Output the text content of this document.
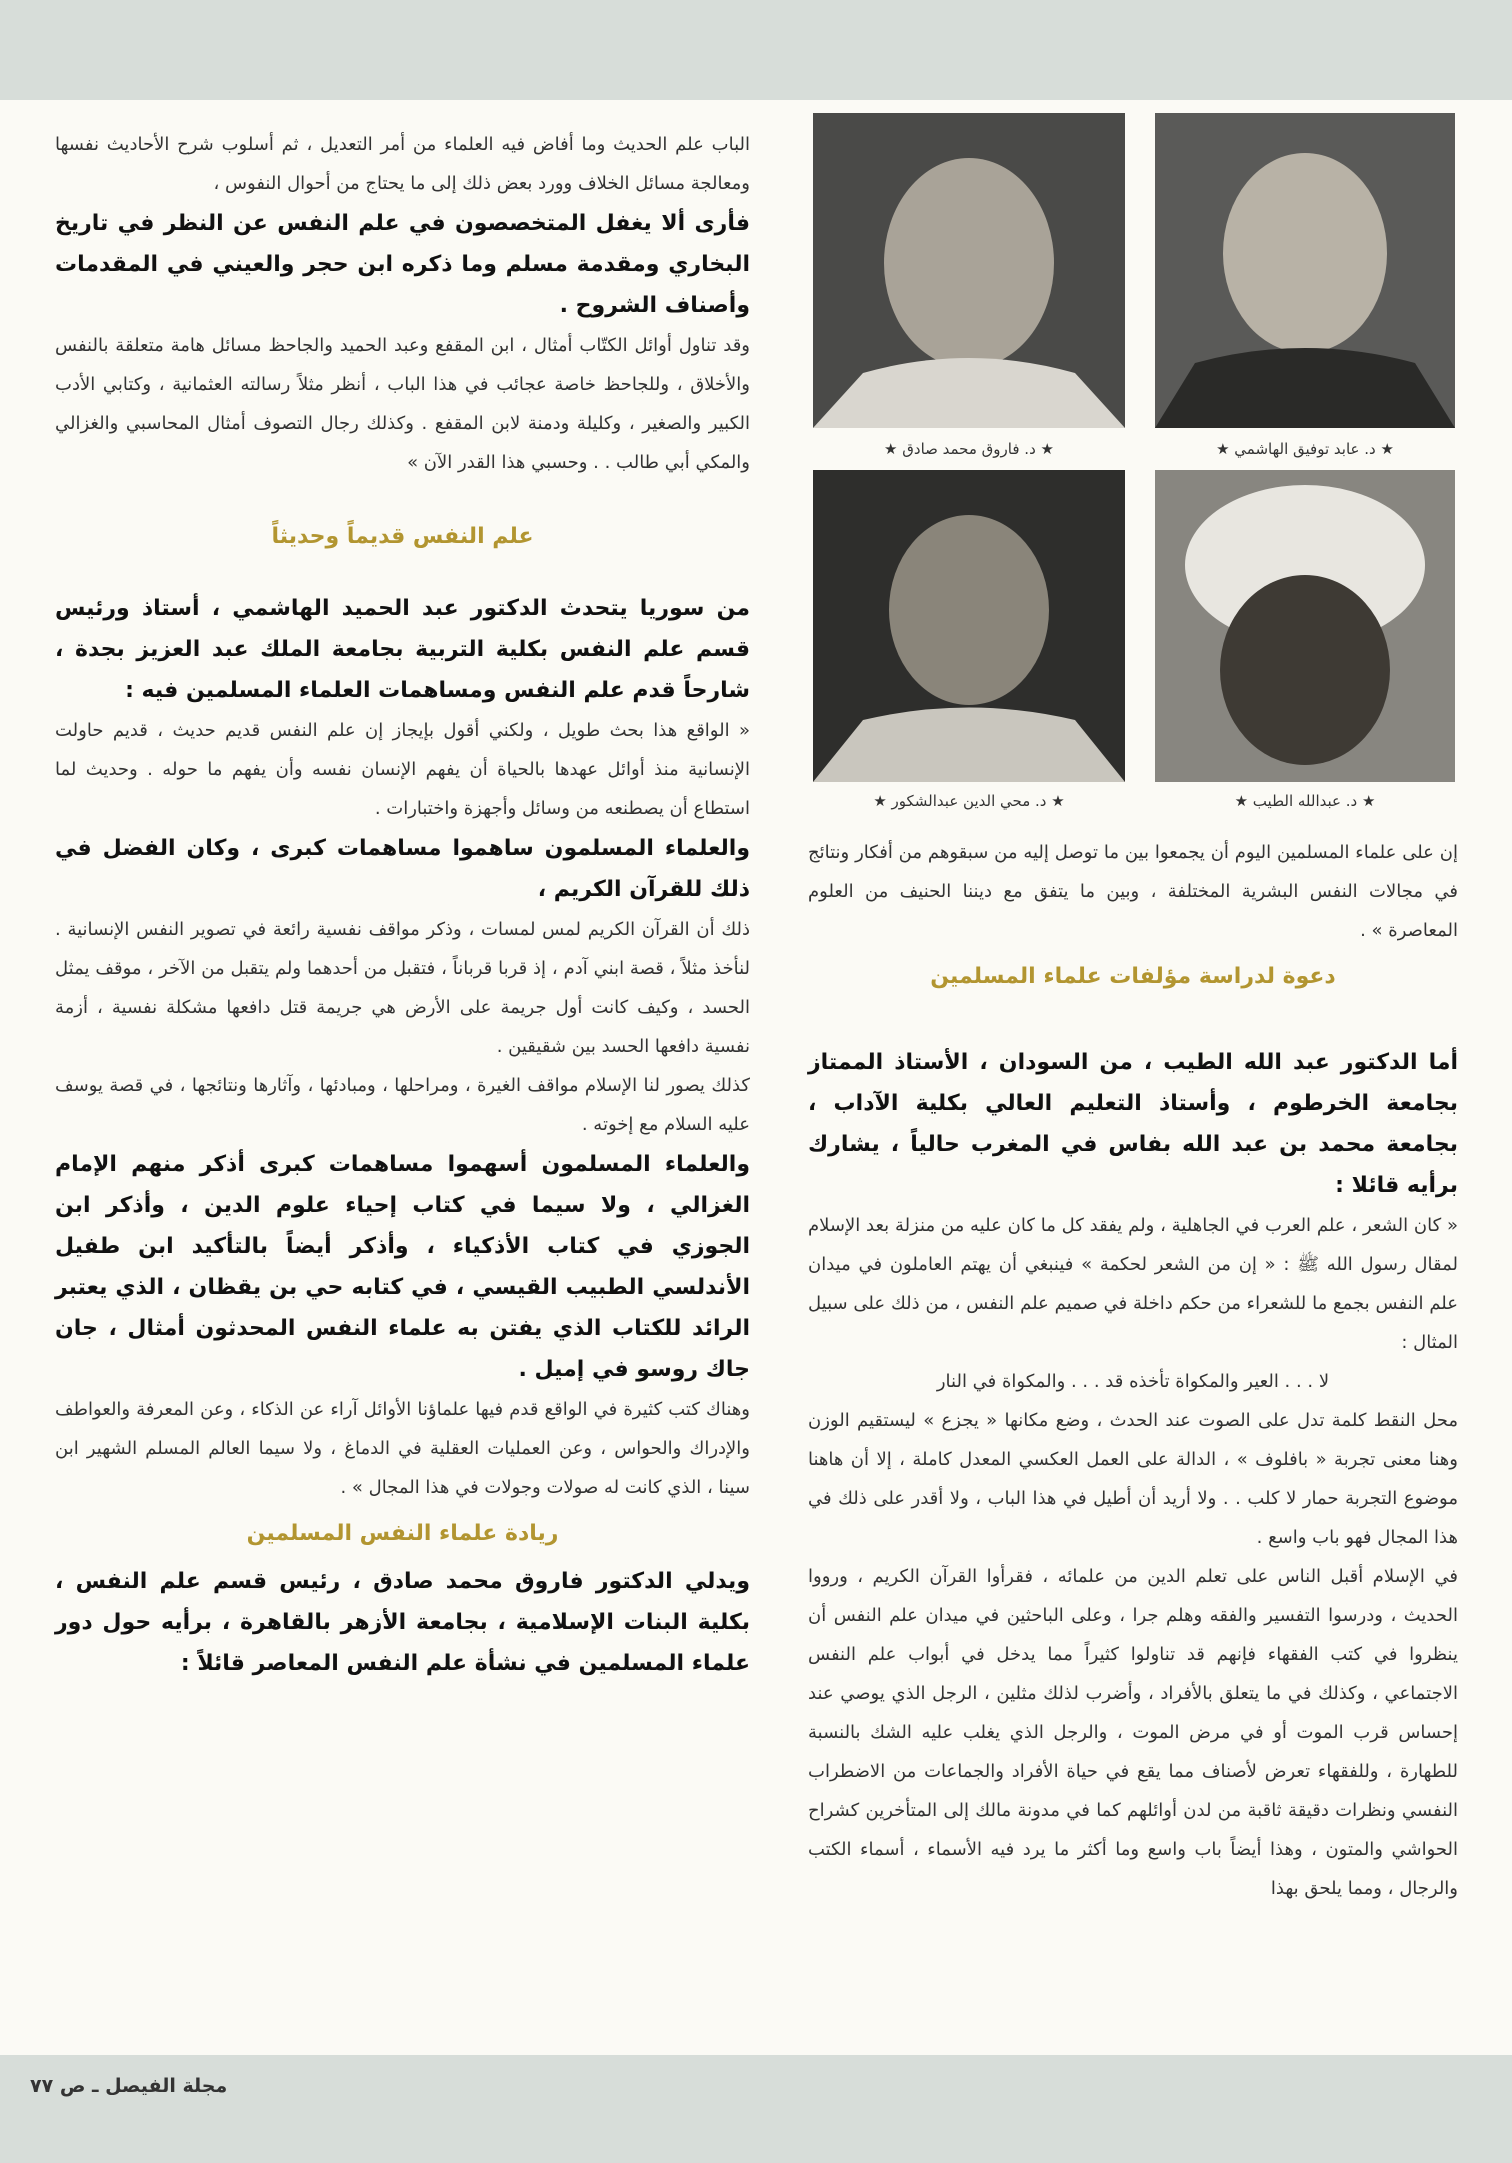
★ د. عابد توفيق الهاشمي ★
★ د. فاروق محمد صادق ★
★ د. عبدالله الطيب ★
★ د. محي الدين عبدالشكور ★

إن على علماء المسلمين اليوم أن يجمعوا بين ما توصل إليه من سبقوهم من أفكار ونتائج في مجالات النفس البشرية المختلفة ، وبين ما يتفق مع ديننا الحنيف من العلوم المعاصرة » .

دعوة لدراسة مؤلفات علماء المسلمين

أما الدكتور عبد الله الطيب ، من السودان ، الأستاذ الممتاز بجامعة الخرطوم ، وأستاذ التعليم العالي بكلية الآداب ، بجامعة محمد بن عبد الله بفاس في المغرب حالياً ، يشارك برأيه قائلا :

« كان الشعر ، علم العرب في الجاهلية ، ولم يفقد كل ما كان عليه من منزلة بعد الإسلام لمقال رسول الله ﷺ : « إن من الشعر لحكمة » فينبغي أن يهتم العاملون في ميدان علم النفس بجمع ما للشعراء من حكم داخلة في صميم علم النفس ، من ذلك على سبيل المثال :

لا . . . العير والمكواة تأخذه قد . . . والمكواة في النار

محل النقط كلمة تدل على الصوت عند الحدث ، وضع مكانها « يجزع » ليستقيم الوزن وهنا معنى تجربة « بافلوف » ، الدالة على العمل العكسي المعدل كاملة ، إلا أن هاهنا موضوع التجربة حمار لا كلب . . ولا أريد أن أطيل في هذا الباب ، ولا أقدر على ذلك في هذا المجال فهو باب واسع .

في الإسلام أقبل الناس على تعلم الدين من علمائه ، فقرأوا القرآن الكريم ، ورووا الحديث ، ودرسوا التفسير والفقه وهلم جرا ، وعلى الباحثين في ميدان علم النفس أن ينظروا في كتب الفقهاء فإنهم قد تناولوا كثيراً مما يدخل في أبواب علم النفس الاجتماعي ، وكذلك في ما يتعلق بالأفراد ، وأضرب لذلك مثلين ، الرجل الذي يوصي عند إحساس قرب الموت أو في مرض الموت ، والرجل الذي يغلب عليه الشك بالنسبة للطهارة ، وللفقهاء تعرض لأصناف مما يقع في حياة الأفراد والجماعات من الاضطراب النفسي ونظرات دقيقة ثاقبة من لدن أوائلهم كما في مدونة مالك إلى المتأخرين كشراح الحواشي والمتون ، وهذا أيضاً باب واسع وما أكثر ما يرد فيه الأسماء ، أسماء الكتب والرجال ، ومما يلحق بهذا

الباب علم الحديث وما أفاض فيه العلماء من أمر التعديل ، ثم أسلوب شرح الأحاديث نفسها ومعالجة مسائل الخلاف وورد بعض ذلك إلى ما يحتاج من أحوال النفوس ،

فأرى ألا يغفل المتخصصون في علم النفس عن النظر في تاريخ البخاري ومقدمة مسلم وما ذكره ابن حجر والعيني في المقدمات وأصناف الشروح .

وقد تناول أوائل الكتّاب أمثال ، ابن المقفع وعبد الحميد والجاحظ مسائل هامة متعلقة بالنفس والأخلاق ، وللجاحظ خاصة عجائب في هذا الباب ، أنظر مثلاً رسالته العثمانية ، وكتابي الأدب الكبير والصغير ، وكليلة ودمنة لابن المقفع . وكذلك رجال التصوف أمثال المحاسبي والغزالي والمكي أبي طالب . . وحسبي هذا القدر الآن »

علم النفس قديماً وحديثاً

من سوريا يتحدث الدكتور عبد الحميد الهاشمي ، أستاذ ورئيس قسم علم النفس بكلية التربية بجامعة الملك عبد العزيز بجدة ، شارحاً قدم علم النفس ومساهمات العلماء المسلمين فيه :

« الواقع هذا بحث طويل ، ولكني أقول بإيجاز إن علم النفس قديم حديث ، قديم حاولت الإنسانية منذ أوائل عهدها بالحياة أن يفهم الإنسان نفسه وأن يفهم ما حوله . وحديث لما استطاع أن يصطنعه من وسائل وأجهزة واختبارات .

والعلماء المسلمون ساهموا مساهمات كبرى ، وكان الفضل في ذلك للقرآن الكريم ،

ذلك أن القرآن الكريم لمس لمسات ، وذكر مواقف نفسية رائعة في تصوير النفس الإنسانية . لنأخذ مثلاً ، قصة ابني آدم ، إذ قربا قرباناً ، فتقبل من أحدهما ولم يتقبل من الآخر ، موقف يمثل الحسد ، وكيف كانت أول جريمة على الأرض هي جريمة قتل دافعها مشكلة نفسية ، أزمة نفسية دافعها الحسد بين شقيقين .

كذلك يصور لنا الإسلام مواقف الغيرة ، ومراحلها ، ومبادئها ، وآثارها ونتائجها ، في قصة يوسف عليه السلام مع إخوته .

والعلماء المسلمون أسهموا مساهمات كبرى أذكر منهم الإمام الغزالي ، ولا سيما في كتاب إحياء علوم الدين ، وأذكر ابن الجوزي في كتاب الأذكياء ، وأذكر أيضاً بالتأكيد ابن طفيل الأندلسي الطبيب القيسي ، في كتابه حي بن يقظان ، الذي يعتبر الرائد للكتاب الذي يفتن به علماء النفس المحدثون أمثال ، جان جاك روسو في إميل .

وهناك كتب كثيرة في الواقع قدم فيها علماؤنا الأوائل آراء عن الذكاء ، وعن المعرفة والعواطف والإدراك والحواس ، وعن العمليات العقلية في الدماغ ، ولا سيما العالم المسلم الشهير ابن سينا ، الذي كانت له صولات وجولات في هذا المجال » .

ريادة علماء النفس المسلمين

ويدلي الدكتور فاروق محمد صادق ، رئيس قسم علم النفس ، بكلية البنات الإسلامية ، بجامعة الأزهر بالقاهرة ، برأيه حول دور علماء المسلمين في نشأة علم النفس المعاصر قائلاً :

مجلة الفيصل ـ ص ٧٧
